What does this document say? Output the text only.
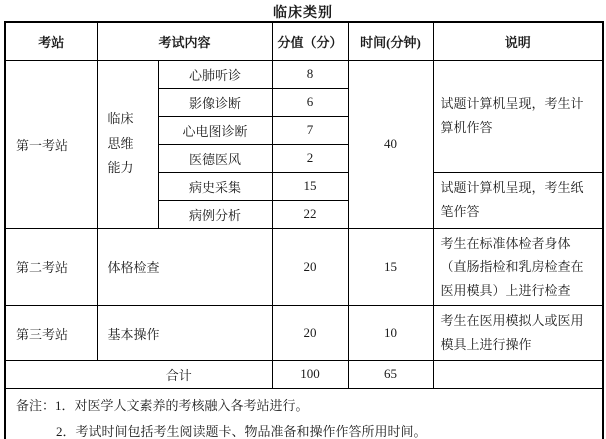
临床类别
考站	考试内容		分值（分）	时间(分钟)	说明
第一考站	临床思维能力	心肺听诊	8	40	试题计算机呈现，考生计算机作答
		影像诊断	6		
		心电图诊断	7		
		医德医风	2		
		病史采集	15		试题计算机呈现，考生纸笔作答
		病例分析	22		
第二考站	体格检查		20	15	考生在标准体检者身体（直肠指检和乳房检查在医用模具）上进行检查
第三考站	基本操作		20	10	考生在医用模拟人或医用模具上进行操作
合计			100	65	

备注：1．对医学人文素养的考核融入各考站进行。
2．考试时间包括考生阅读题卡、物品准备和操作作答所用时间。					
